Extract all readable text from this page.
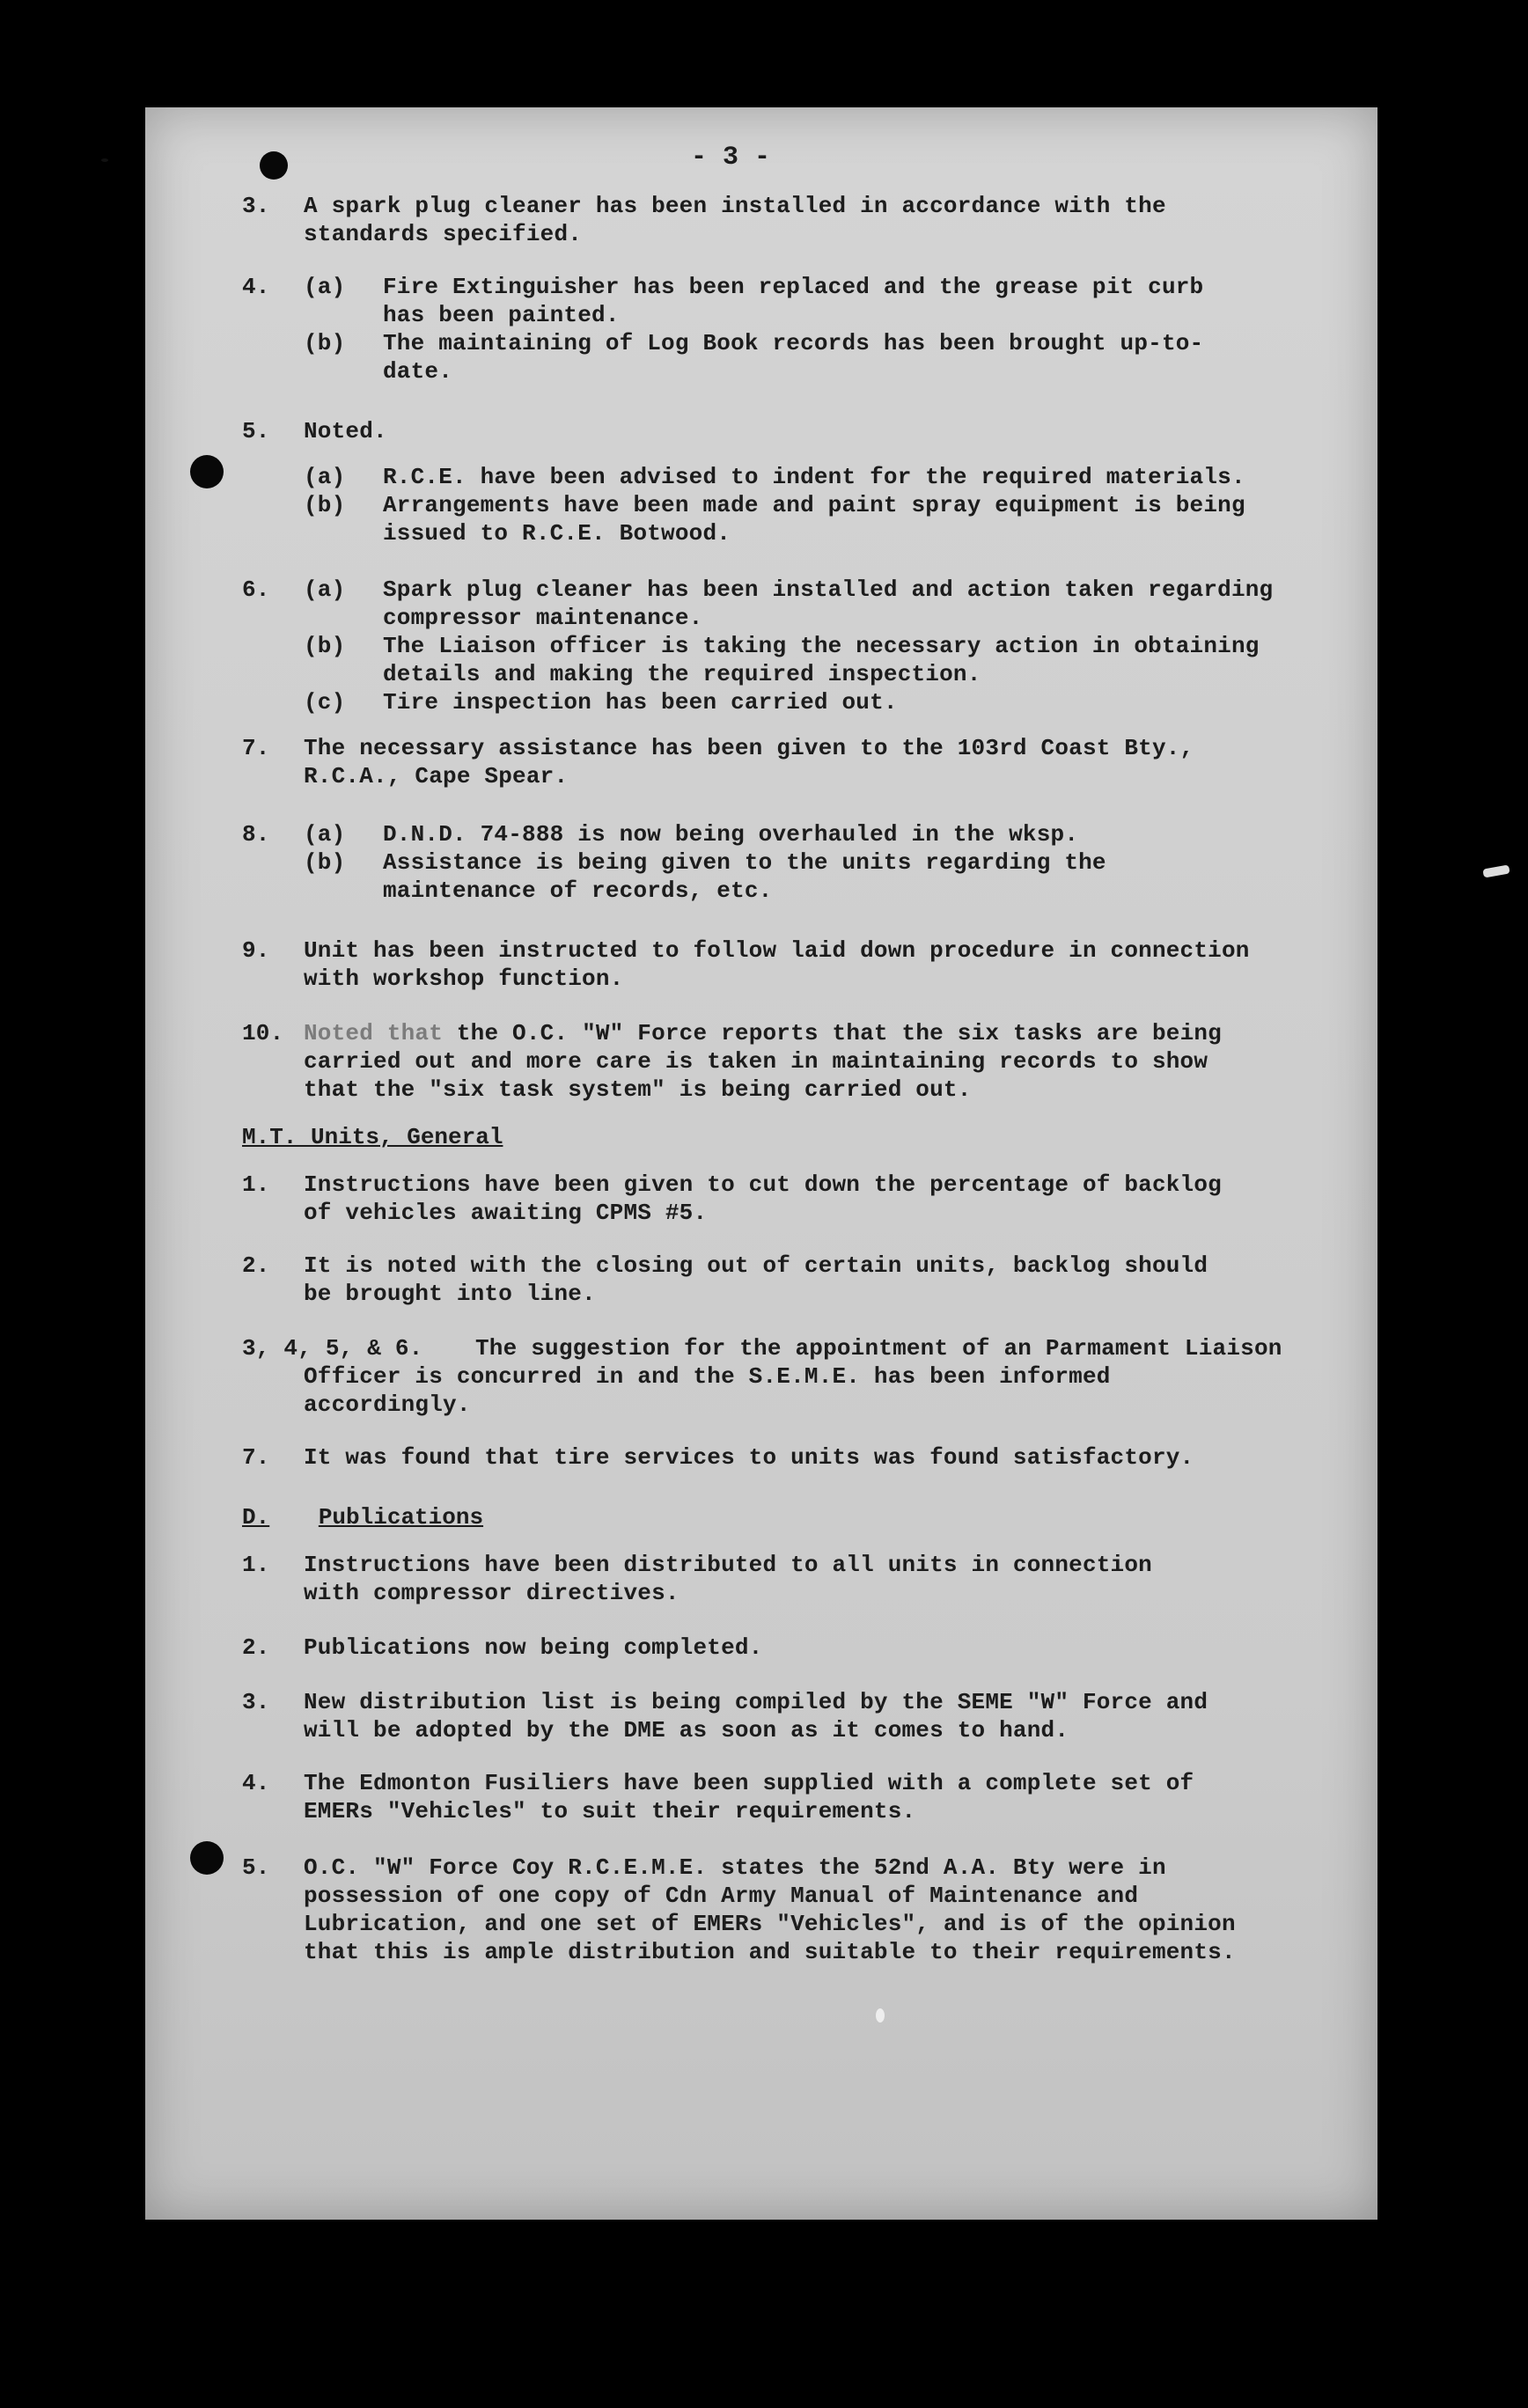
- 3 -
3. A spark plug cleaner has been installed in accordance with the
standards specified.
4. (a) Fire Extinguisher has been replaced and the grease pit curb
has been painted.
(b) The maintaining of Log Book records has been brought up-to-
date.
5. Noted.
(a) R.C.E. have been advised to indent for the required materials.
(b) Arrangements have been made and paint spray equipment is being
issued to R.C.E. Botwood.
6. (a) Spark plug cleaner has been installed and action taken regarding
compressor maintenance.
(b) The Liaison officer is taking the necessary action in obtaining
details and making the required inspection.
(c) Tire inspection has been carried out.
7. The necessary assistance has been given to the 103rd Coast Bty.,
R.C.A., Cape Spear.
8. (a) D.N.D. 74-888 is now being overhauled in the wksp.
(b) Assistance is being given to the units regarding the
maintenance of records, etc.
9. Unit has been instructed to follow laid down procedure in connection
with workshop function.
10. Noted that the O.C. "W" Force reports that the six tasks are being
carried out and more care is taken in maintaining records to show
that the "six task system" is being carried out.
M.T. Units, General
1. Instructions have been given to cut down the percentage of backlog
of vehicles awaiting CPMS #5.
2. It is noted with the closing out of certain units, backlog should
be brought into line.
3, 4, 5, & 6. The suggestion for the appointment of an Parmament Liaison
Officer is concurred in and the S.E.M.E. has been informed
accordingly.
7. It was found that tire services to units was found satisfactory.
D. Publications
1. Instructions have been distributed to all units in connection
with compressor directives.
2. Publications now being completed.
3. New distribution list is being compiled by the SEME "W" Force and
will be adopted by the DME as soon as it comes to hand.
4. The Edmonton Fusiliers have been supplied with a complete set of
EMERs "Vehicles" to suit their requirements.
5. O.C. "W" Force Coy R.C.E.M.E. states the 52nd A.A. Bty were in
possession of one copy of Cdn Army Manual of Maintenance and
Lubrication, and one set of EMERs "Vehicles", and is of the opinion
that this is ample distribution and suitable to their requirements.
